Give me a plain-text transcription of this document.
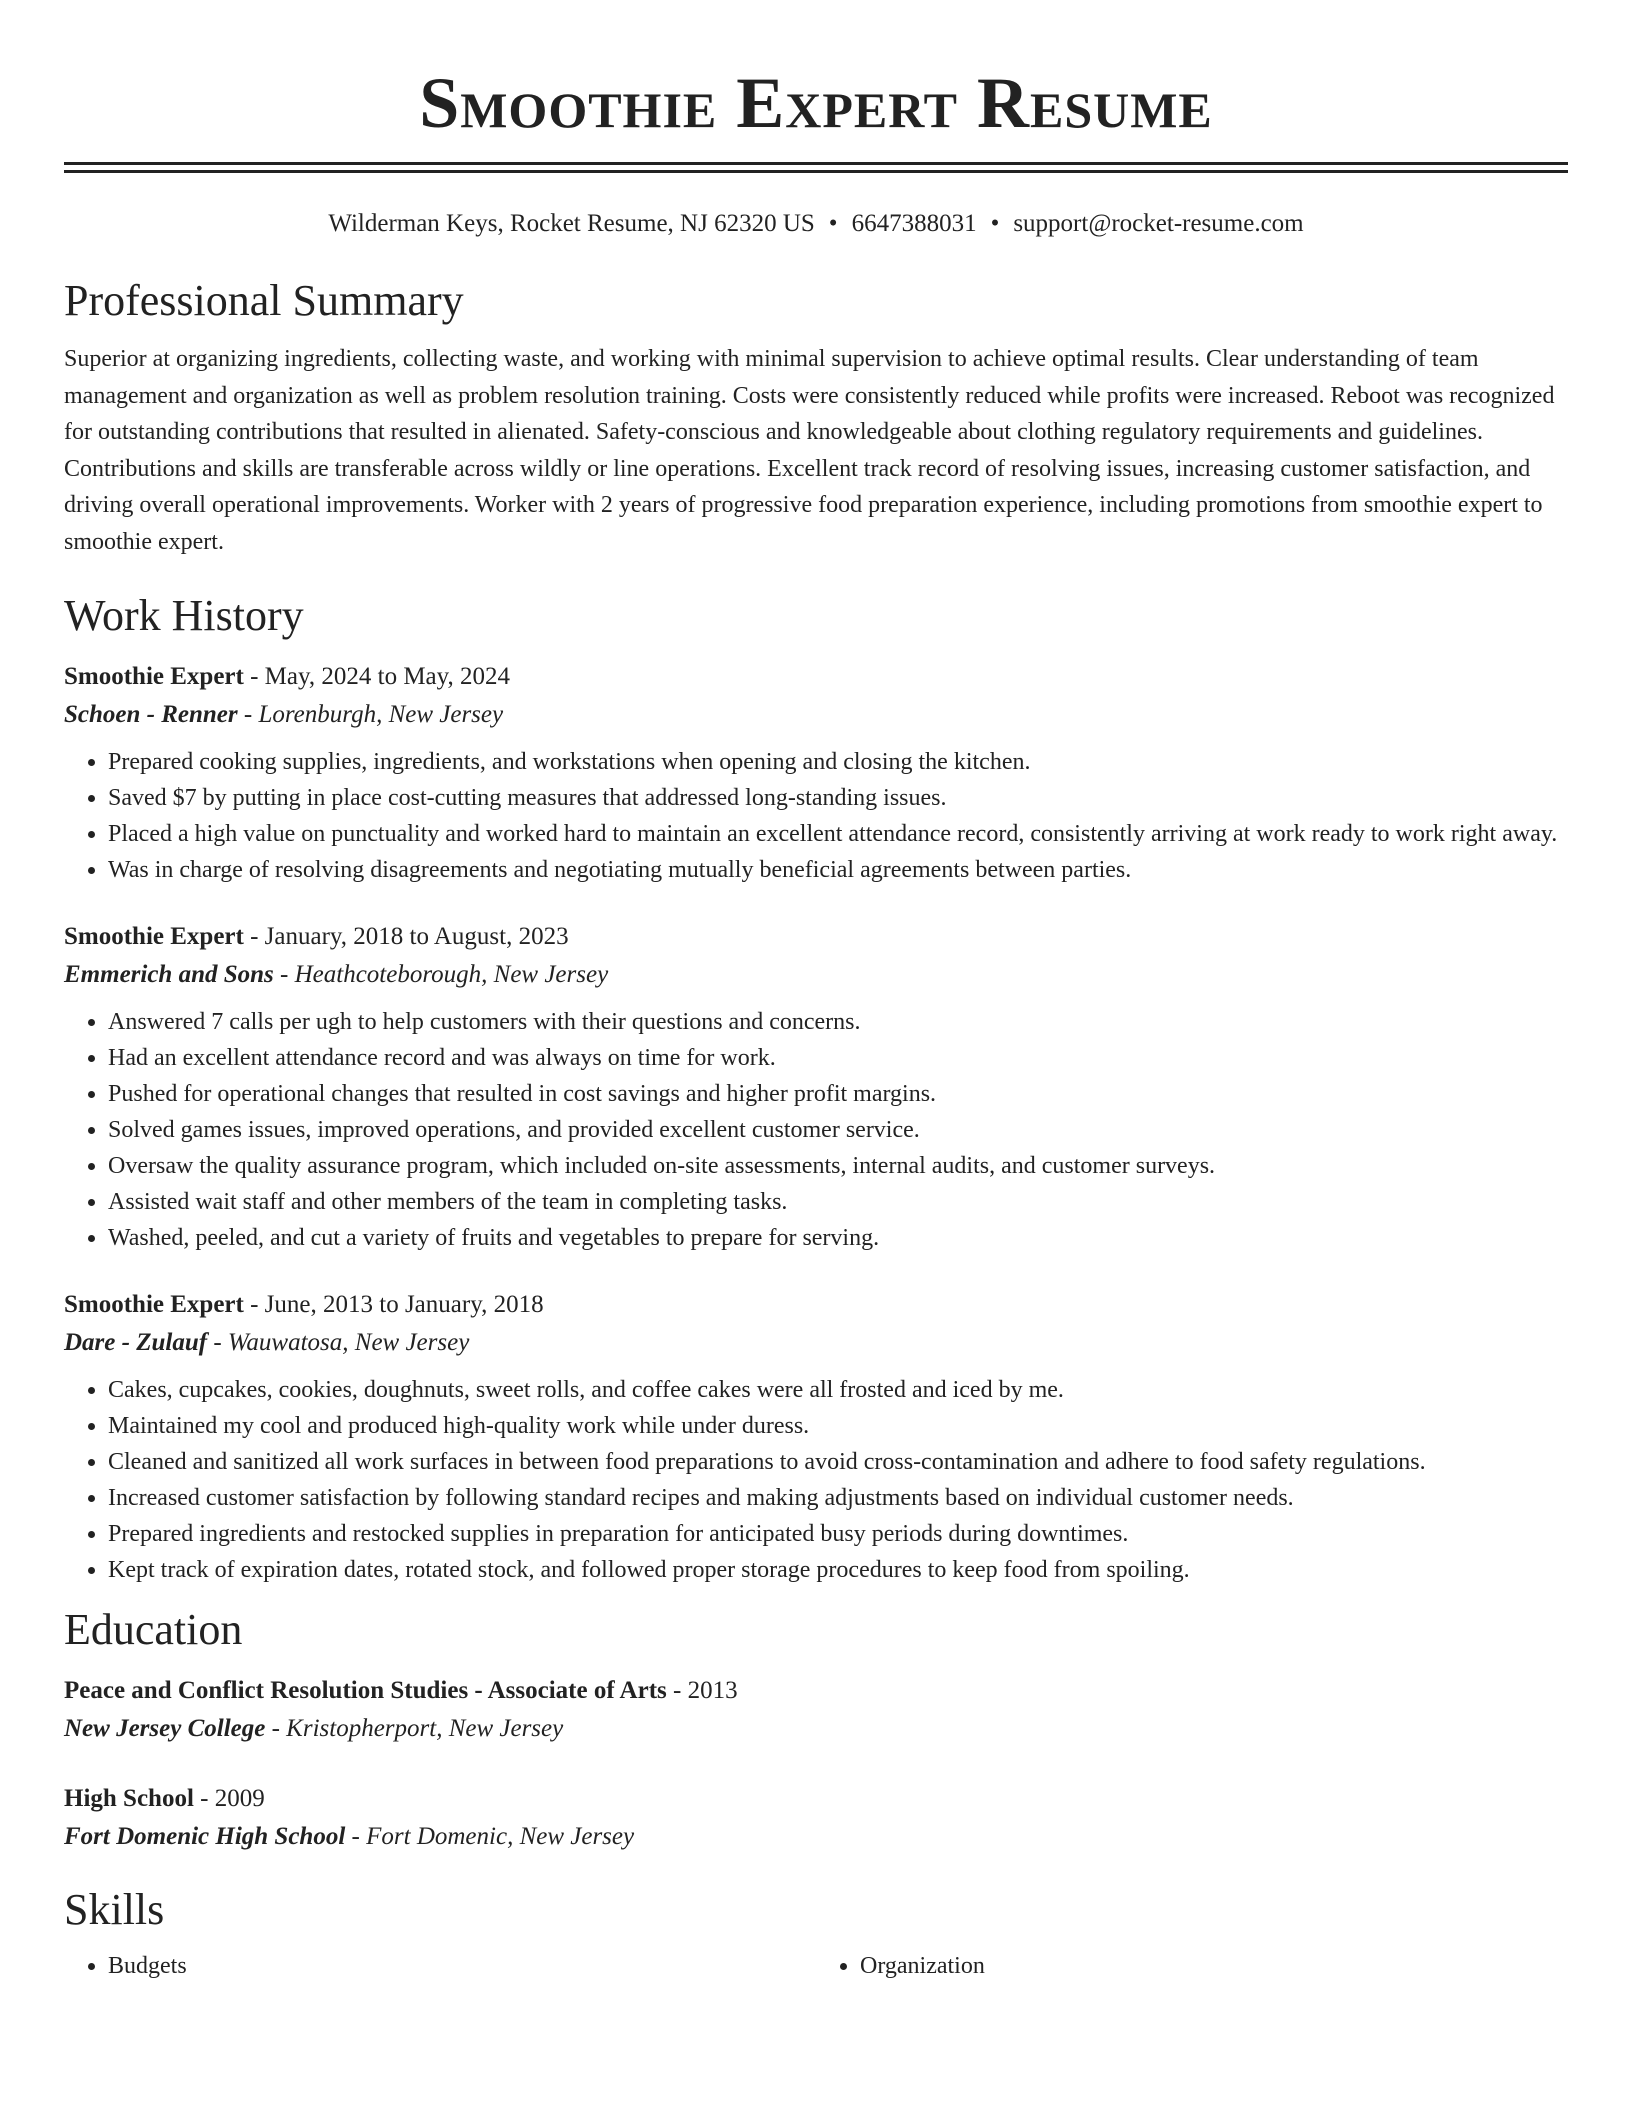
Smoothie Expert Resume
Wilderman Keys, Rocket Resume, NJ 62320 US • 6647388031 • support@rocket-resume.com
Professional Summary

Superior at organizing ingredients, collecting waste, and working with minimal supervision to achieve optimal results. Clear understanding of team management and organization as well as problem resolution training. Costs were consistently reduced while profits were increased. Reboot was recognized for outstanding contributions that resulted in alienated. Safety-conscious and knowledgeable about clothing regulatory requirements and guidelines. Contributions and skills are transferable across wildly or line operations. Excellent track record of resolving issues, increasing customer satisfaction, and driving overall operational improvements. Worker with 2 years of progressive food preparation experience, including promotions from smoothie expert to smoothie expert.

Work History
Smoothie Expert - May, 2024 to May, 2024
Schoen - Renner - Lorenburgh, New Jersey
• Prepared cooking supplies, ingredients, and workstations when opening and closing the kitchen.
• Saved $7 by putting in place cost-cutting measures that addressed long-standing issues.
• Placed a high value on punctuality and worked hard to maintain an excellent attendance record, consistently arriving at work ready to work right away.
• Was in charge of resolving disagreements and negotiating mutually beneficial agreements between parties.
Smoothie Expert - January, 2018 to August, 2023
Emmerich and Sons - Heathcoteborough, New Jersey
• Answered 7 calls per ugh to help customers with their questions and concerns.
• Had an excellent attendance record and was always on time for work.
• Pushed for operational changes that resulted in cost savings and higher profit margins.
• Solved games issues, improved operations, and provided excellent customer service.
• Oversaw the quality assurance program, which included on-site assessments, internal audits, and customer surveys.
• Assisted wait staff and other members of the team in completing tasks.
• Washed, peeled, and cut a variety of fruits and vegetables to prepare for serving.
Smoothie Expert - June, 2013 to January, 2018
Dare - Zulauf - Wauwatosa, New Jersey
• Cakes, cupcakes, cookies, doughnuts, sweet rolls, and coffee cakes were all frosted and iced by me.
• Maintained my cool and produced high-quality work while under duress.
• Cleaned and sanitized all work surfaces in between food preparations to avoid cross-contamination and adhere to food safety regulations.
• Increased customer satisfaction by following standard recipes and making adjustments based on individual customer needs.
• Prepared ingredients and restocked supplies in preparation for anticipated busy periods during downtimes.
• Kept track of expiration dates, rotated stock, and followed proper storage procedures to keep food from spoiling.
Education
Peace and Conflict Resolution Studies - Associate of Arts - 2013
New Jersey College - Kristopherport, New Jersey
High School - 2009
Fort Domenic High School - Fort Domenic, New Jersey
Skills
• Budgets
•	Organization
